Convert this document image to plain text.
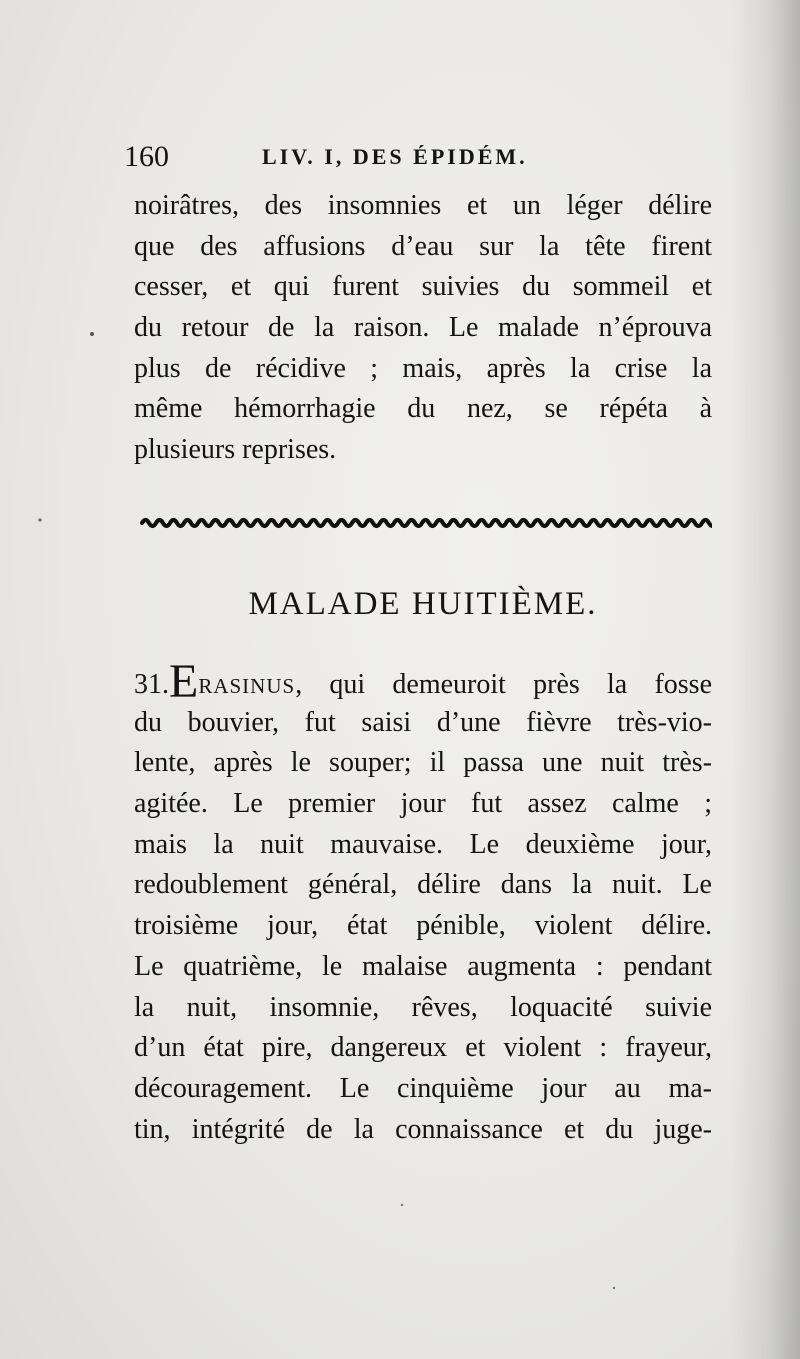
160	LIV. I, DES ÉPIDÉM.
noirâtres, des insomnies et un léger délire
que des affusions d’eau sur la tête firent
cesser, et qui furent suivies du sommeil et
du retour de la raison. Le malade n’éprouva
plus de récidive ; mais, après la crise la
même hémorrhagie du nez, se répéta à
plusieurs reprises.
MALADE HUITIÈME.
31.ERASINUS, qui demeuroit près la fosse
du bouvier, fut saisi d’une fièvre très-vio-
lente, après le souper; il passa une nuit très-
agitée. Le premier jour fut assez calme ;
mais la nuit mauvaise. Le deuxième jour,
redoublement général, délire dans la nuit. Le
troisième jour, état pénible, violent délire.
Le quatrième, le malaise augmenta : pendant
la nuit, insomnie, rêves, loquacité suivie
d’un état pire, dangereux et violent : frayeur,
découragement. Le cinquième jour au ma-
tin, intégrité de la connaissance et du juge-
